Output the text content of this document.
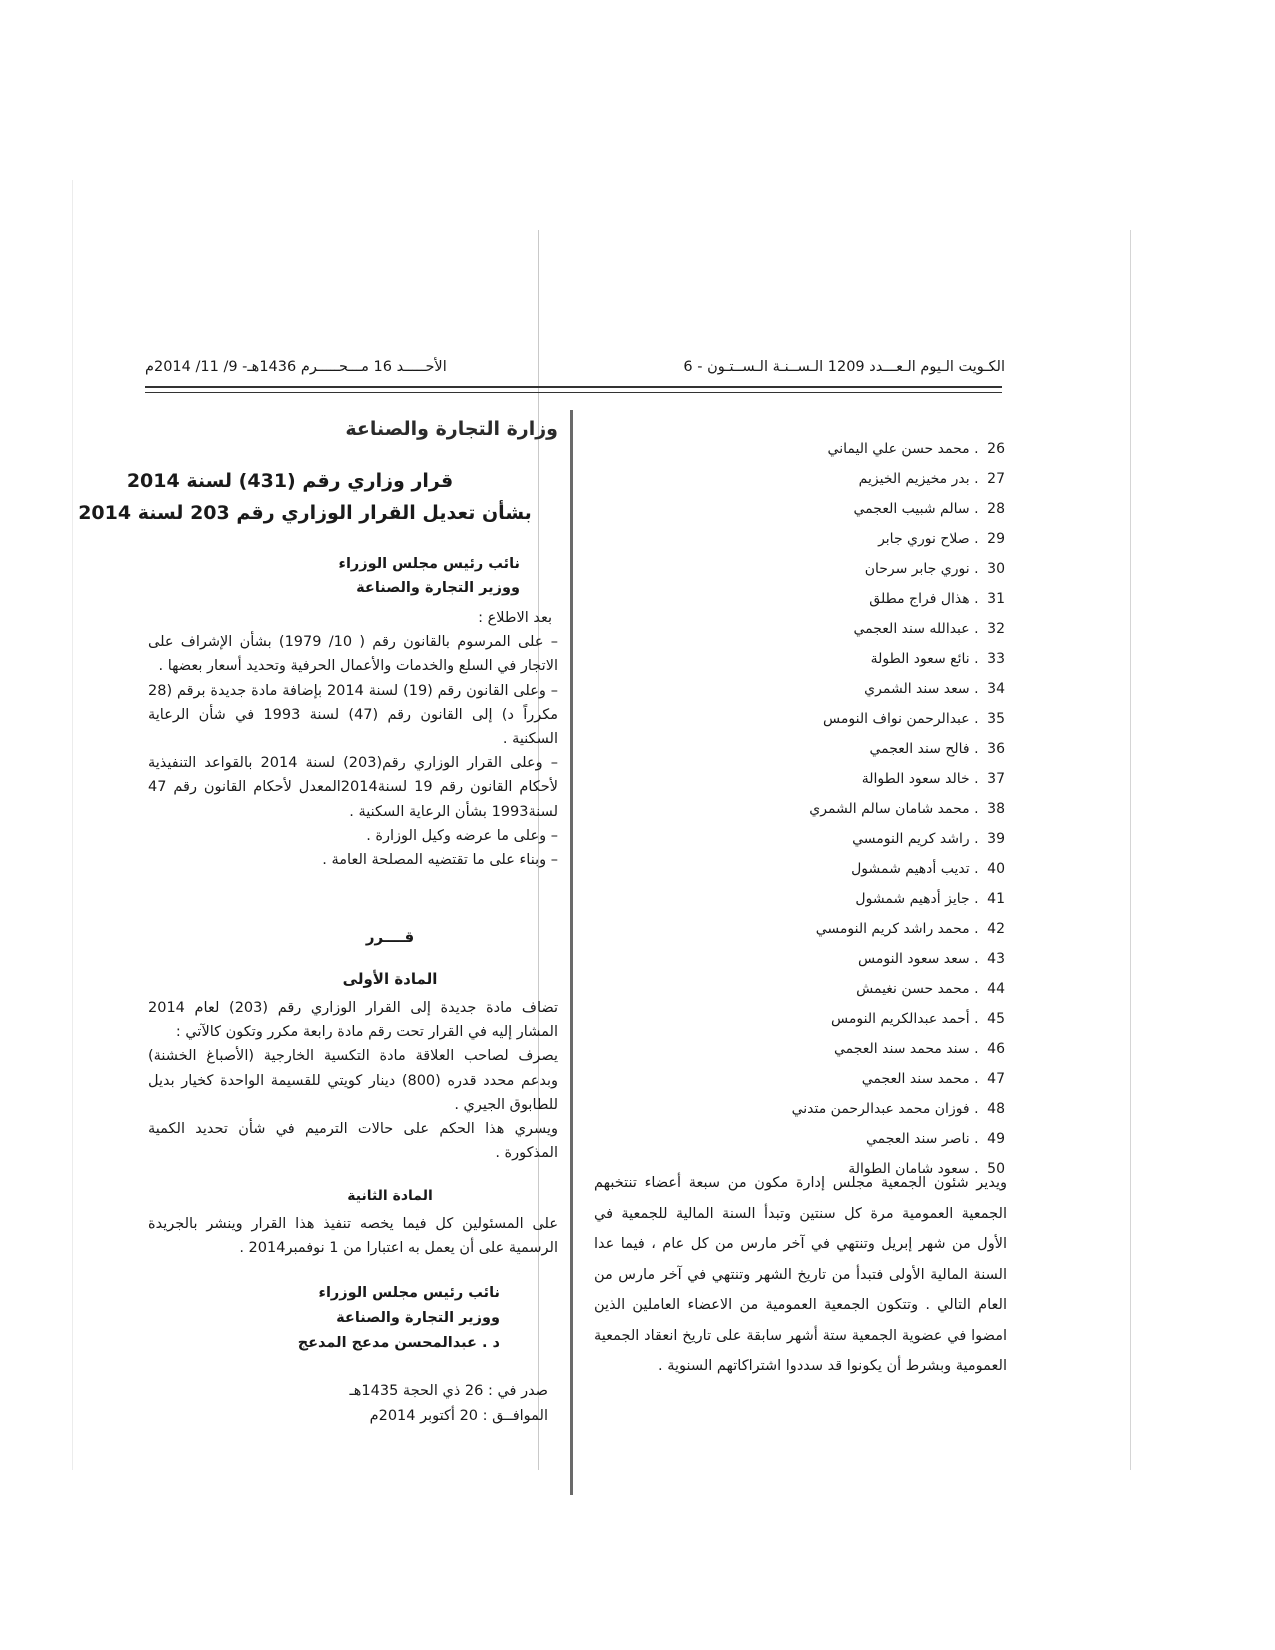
الكـويت الـيوم الـعـــدد 1209 الـســنـة الـســتـون - 6
الأحـــــد 16 مـــحـــــرم 1436هـ- 9/ 11/ 2014م
26 . محمد حسن علي اليماني
27 . بدر مخيزيم الخيزيم
28 . سالم شبيب العجمي
29 . صلاح نوري جابر
30 . نوري جابر سرحان
31 . هذال فراج مطلق
32 . عبدالله سند العجمي
33 . نائع سعود الطولة
34 . سعد سند الشمري
35 . عبدالرحمن نواف النومس
36 . فالح سند العجمي
37 . خالد سعود الطوالة
38 . محمد شامان سالم الشمري
39 . راشد كريم النومسي
40 . تديب أدهيم شمشول
41 . جايز أدهيم شمشول
42 . محمد راشد كريم النومسي
43 . سعد سعود النومس
44 . محمد حسن نغيمش
45 . أحمد عبدالكريم النومس
46 . سند محمد سند العجمي
47 . محمد سند العجمي
48 . فوزان محمد عبدالرحمن متدني
49 . ناصر سند العجمي
50 . سعود شامان الطوالة
ويدير شئون الجمعية مجلس إدارة مكون من سبعة أعضاء تنتخبهم الجمعية العمومية مرة كل سنتين وتبدأ السنة المالية للجمعية في الأول من شهر إبريل وتنتهي في آخر مارس من كل عام ، فيما عدا السنة المالية الأولى فتبدأ من تاريخ الشهر وتنتهي في آخر مارس من العام التالي . وتتكون الجمعية العمومية من الاعضاء العاملين الذين امضوا في عضوية الجمعية ستة أشهر سابقة على تاريخ انعقاد الجمعية العمومية وبشرط أن يكونوا قد سددوا اشتراكاتهم السنوية .
وزارة التجارة والصناعة
قرار وزاري رقم (431) لسنة 2014
بشأن تعديل القرار الوزاري رقم 203 لسنة 2014
نائب رئيس مجلس الوزراء
ووزير التجارة والصناعة

بعد الاطلاع :

– على المرسوم بالقانون رقم ( 10/ 1979) بشأن الإشراف على الاتجار في السلع والخدمات والأعمال الحرفية وتحديد أسعار بعضها .

– وعلى القانون رقم (19) لسنة 2014 بإضافة مادة جديدة برقم (28 مكرراً د) إلى القانون رقم (47) لسنة 1993 في شأن الرعاية السكنية .

– وعلى القرار الوزاري رقم(203) لسنة 2014 بالقواعد التنفيذية لأحكام القانون رقم 19 لسنة2014المعدل لأحكام القانون رقم 47 لسنة1993 بشأن الرعاية السكنية .

– وعلى ما عرضه وكيل الوزارة .

– وبناء على ما تقتضيه المصلحة العامة .

قــــرر
المادة الأولى

تضاف مادة جديدة إلى القرار الوزاري رقم (203) لعام 2014 المشار إليه في القرار تحت رقم مادة رابعة مكرر وتكون كالآتي :

يصرف لصاحب العلاقة مادة التكسية الخارجية (الأصباغ الخشنة) وبدعم محدد قدره (800) دينار كويتي للقسيمة الواحدة كخيار بديل للطابوق الجيري .

ويسري هذا الحكم على حالات الترميم في شأن تحديد الكمية المذكورة .

المادة الثانية
على المسئولين كل فيما يخصه تنفيذ هذا القرار وينشر بالجريدة الرسمية على أن يعمل به اعتبارا من 1 نوفمبر2014 .
نائب رئيس مجلس الوزراء
ووزير التجارة والصناعة
د . عبدالمحسن مدعج المدعج
صدر في : 26 ذي الحجة 1435هـ
الموافــق : 20 أكتوبر 2014م
